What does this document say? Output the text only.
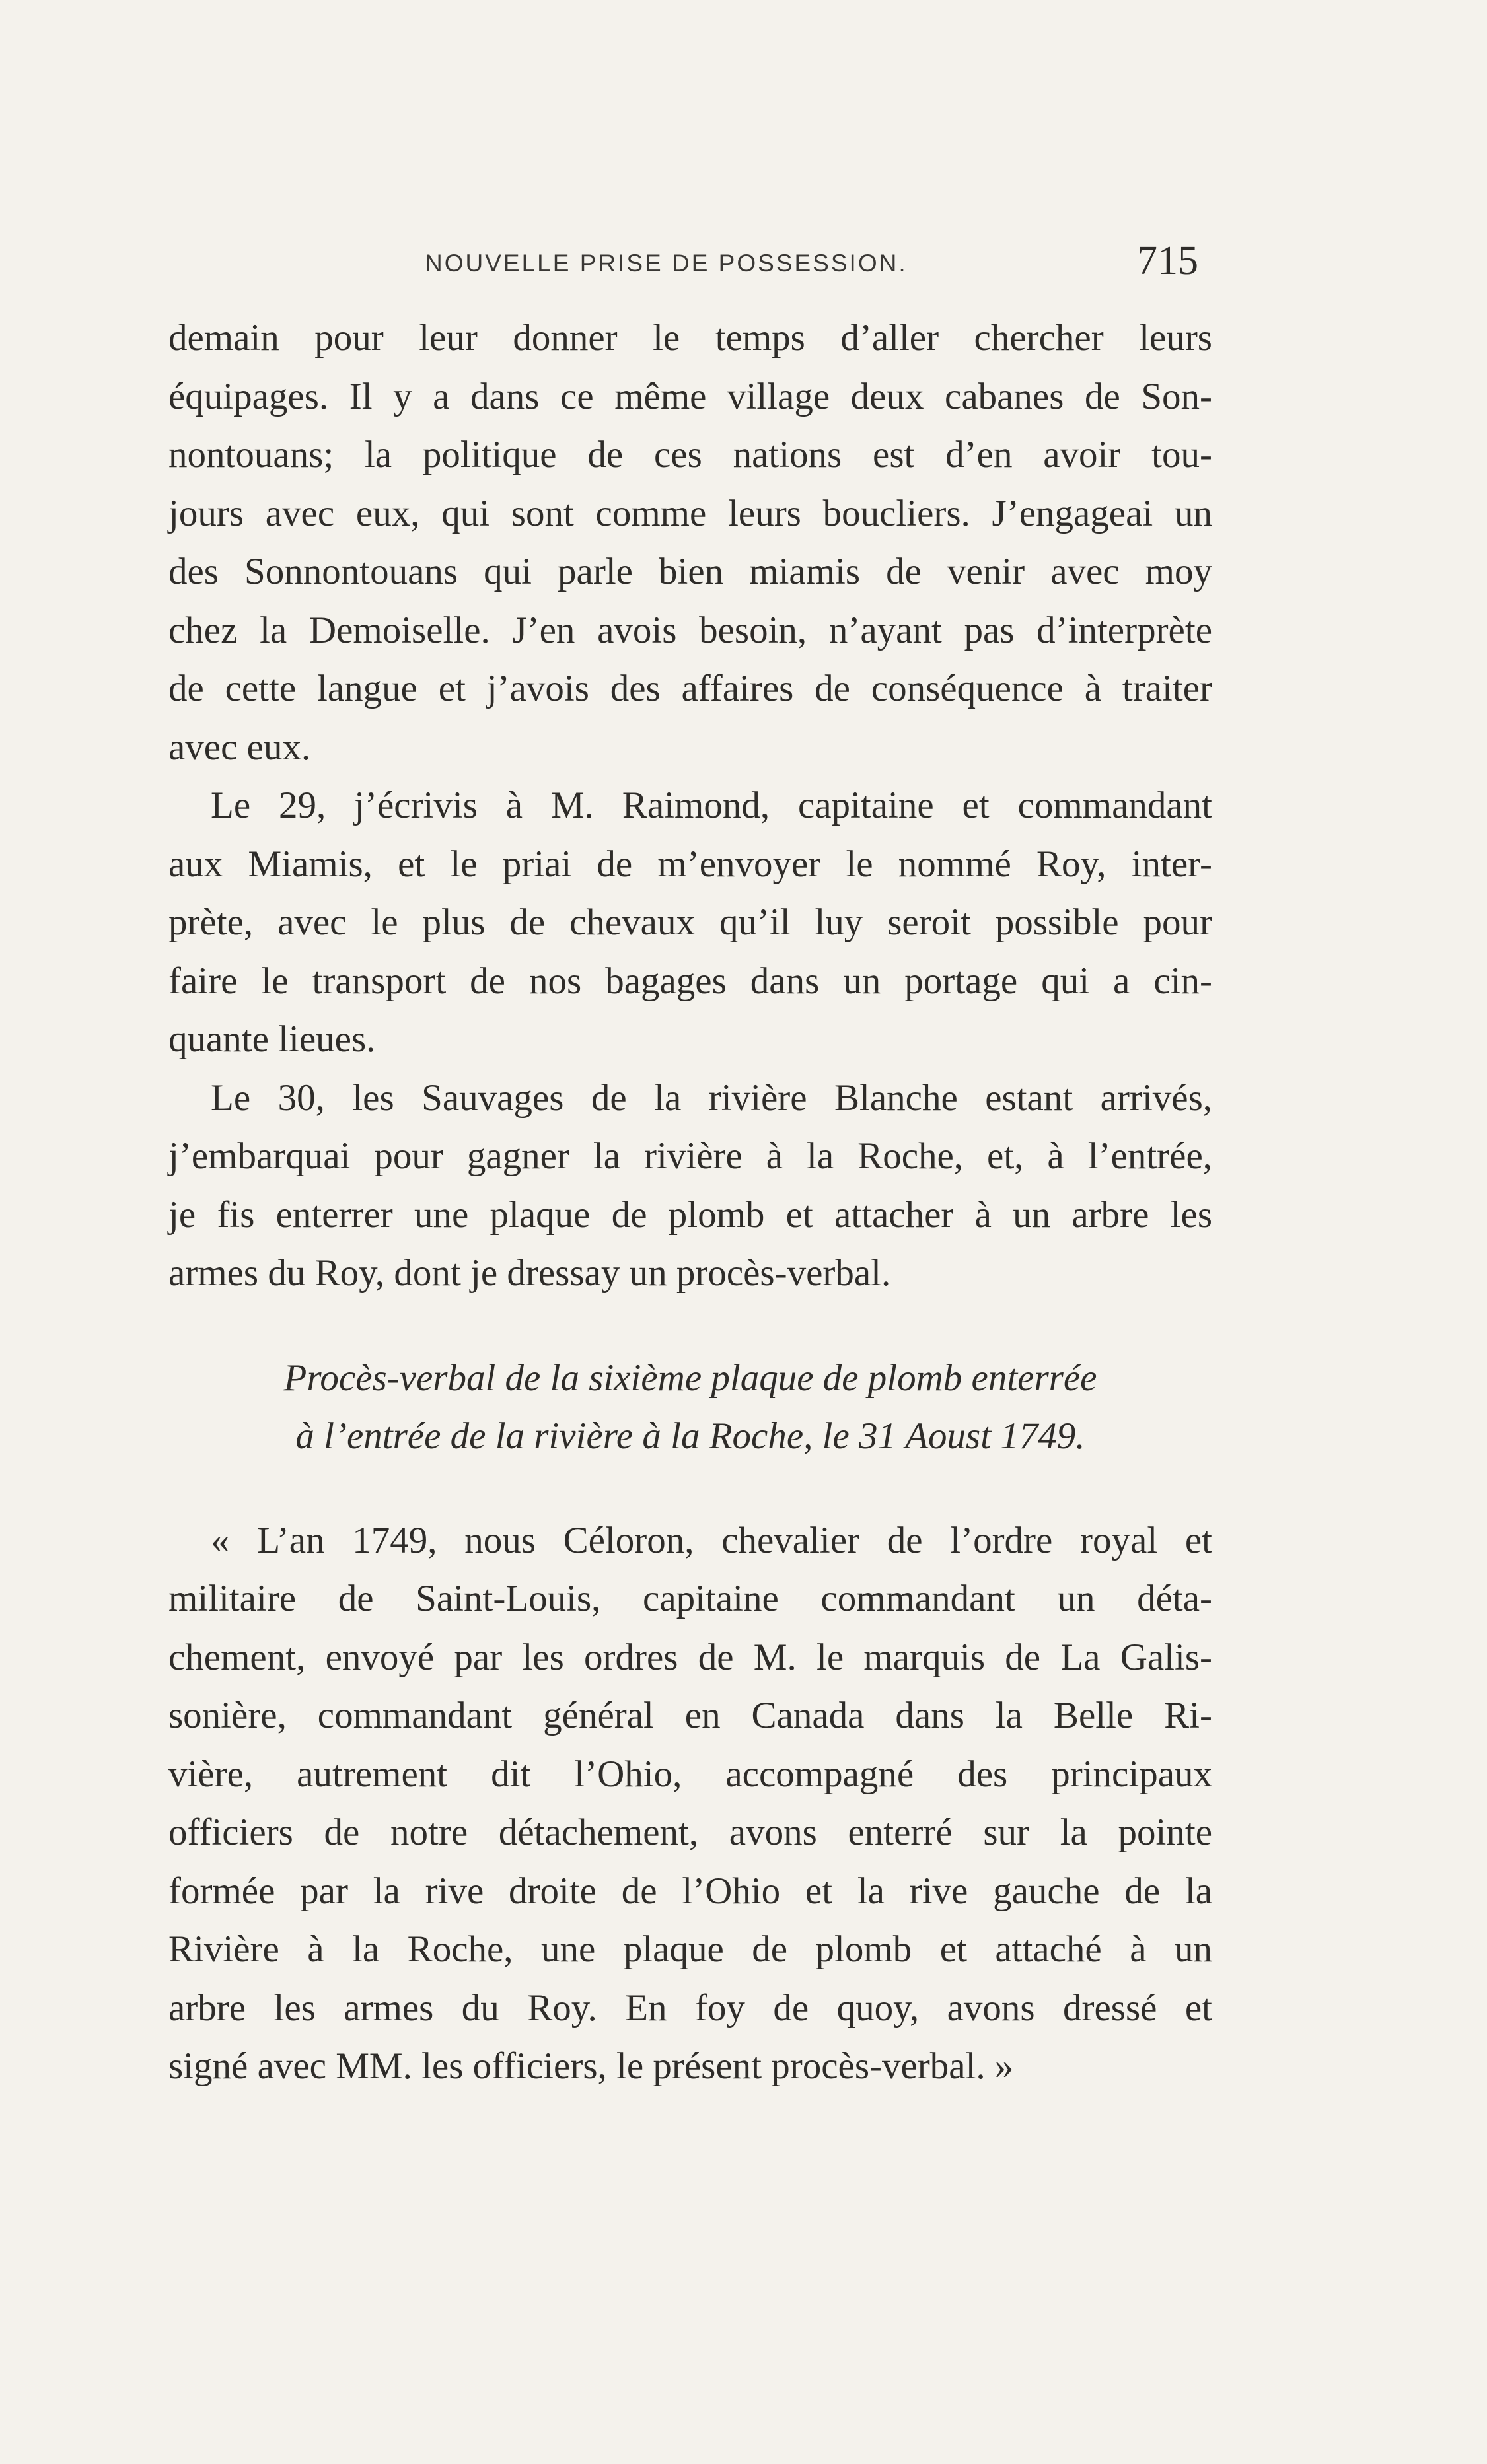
NOUVELLE PRISE DE POSSESSION.	715
demain pour leur donner le temps d’aller chercher leurs
équipages. Il y a dans ce même village deux cabanes de Son-
nontouans; la politique de ces nations est d’en avoir tou-
jours avec eux, qui sont comme leurs boucliers. J’engageai un
des Sonnontouans qui parle bien miamis de venir avec moy
chez la Demoiselle. J’en avois besoin, n’ayant pas d’interprète
de cette langue et j’avois des affaires de conséquence à traiter
avec eux.
Le 29, j’écrivis à M. Raimond, capitaine et commandant
aux Miamis, et le priai de m’envoyer le nommé Roy, inter-
prète, avec le plus de chevaux qu’il luy seroit possible pour
faire le transport de nos bagages dans un portage qui a cin-
quante lieues.
Le 30, les Sauvages de la rivière Blanche estant arrivés,
j’embarquai pour gagner la rivière à la Roche, et, à l’entrée,
je fis enterrer une plaque de plomb et attacher à un arbre les
armes du Roy, dont je dressay un procès-verbal.
Procès-verbal de la sixième plaque de plomb enterrée
à l’entrée de la rivière à la Roche, le 31 Aoust 1749.
« L’an 1749, nous Céloron, chevalier de l’ordre royal et
militaire de Saint-Louis, capitaine commandant un déta-
chement, envoyé par les ordres de M. le marquis de La Galis-
sonière, commandant général en Canada dans la Belle Ri-
vière, autrement dit l’Ohio, accompagné des principaux
officiers de notre détachement, avons enterré sur la pointe
formée par la rive droite de l’Ohio et la rive gauche de la
Rivière à la Roche, une plaque de plomb et attaché à un
arbre les armes du Roy. En foy de quoy, avons dressé et
signé avec MM. les officiers, le présent procès-verbal. »
